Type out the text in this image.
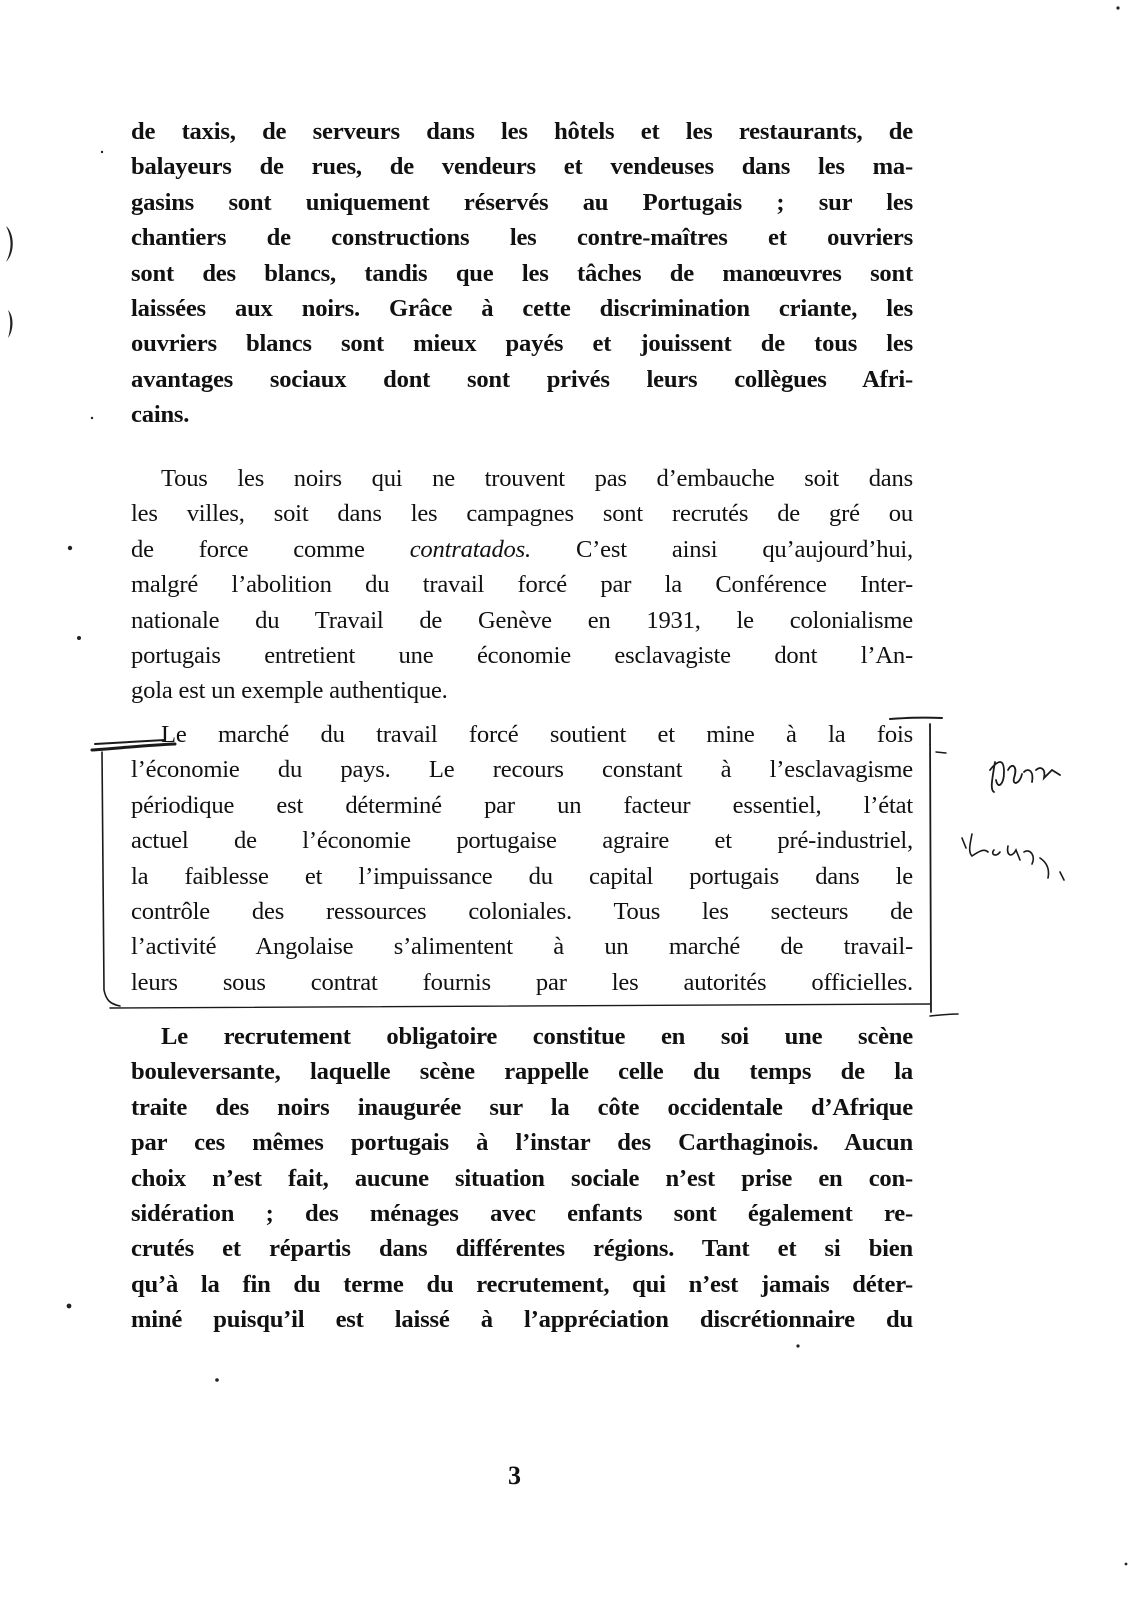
de taxis, de serveurs dans les hôtels et les restaurants, de
balayeurs de rues, de vendeurs et vendeuses dans les ma-
gasins sont uniquement réservés au Portugais ; sur les
chantiers de constructions les contre-maîtres et ouvriers
sont des blancs, tandis que les tâches de manœuvres sont
laissées aux noirs. Grâce à cette discrimination criante, les
ouvriers blancs sont mieux payés et jouissent de tous les
avantages sociaux dont sont privés leurs collègues Afri-
cains.
Tous les noirs qui ne trouvent pas d’embauche soit dans
les villes, soit dans les campagnes sont recrutés de gré ou
de force comme contratados. C’est ainsi qu’aujourd’hui,
malgré l’abolition du travail forcé par la Conférence Inter-
nationale du Travail de Genève en 1931, le colonialisme
portugais entretient une économie esclavagiste dont l’An-
gola est un exemple authentique.
Le marché du travail forcé soutient et mine à la fois
l’économie du pays. Le recours constant à l’esclavagisme
périodique est déterminé par un facteur essentiel, l’état
actuel de l’économie portugaise agraire et pré-industriel,
la faiblesse et l’impuissance du capital portugais dans le
contrôle des ressources coloniales. Tous les secteurs de
l’activité Angolaise s’alimentent à un marché de travail-
leurs sous contrat fournis par les autorités officielles.
Le recrutement obligatoire constitue en soi une scène
bouleversante, laquelle scène rappelle celle du temps de la
traite des noirs inaugurée sur la côte occidentale d’Afrique
par ces mêmes portugais à l’instar des Carthaginois. Aucun
choix n’est fait, aucune situation sociale n’est prise en con-
sidération ; des ménages avec enfants sont également re-
crutés et répartis dans différentes régions. Tant et si bien
qu’à la fin du terme du recrutement, qui n’est jamais déter-
miné puisqu’il est laissé à l’appréciation discrétionnaire du
3
